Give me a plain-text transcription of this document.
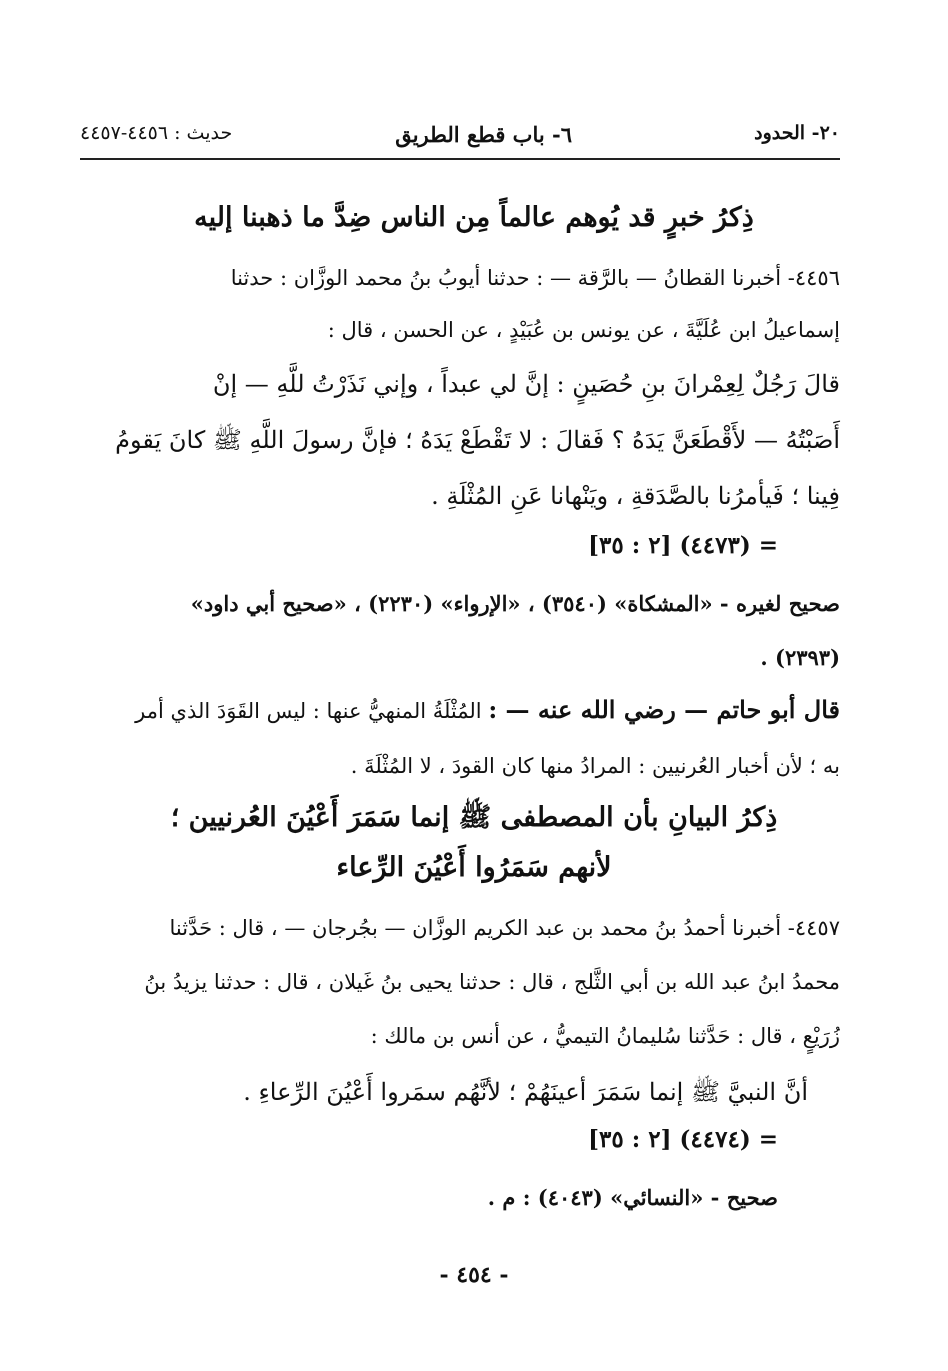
٢٠- الحدود
٦- باب قطع الطريق
حديث : ٤٤٥٦-٤٤٥٧
ذِكرُ خبرٍ قد يُوهم عالماً مِن الناس ضِدَّ ما ذهبنا إليه
٤٤٥٦- أخبرنا القطانُ — بالرَّقة — : حدثنا أيوبُ بنُ محمد الوزَّان : حدثنا
إسماعيلُ ابن عُلَيَّةَ ، عن يونس بن عُبَيْدٍ ، عن الحسن ، قال :
قالَ رَجُلٌ لِعِمْرانَ بنِ حُصَينٍ : إنَّ لي عبداً ، وإني نَذَرْتُ للَّهِ — إنْ
أَصَبْتُهُ — لأَقْطَعَنَّ يَدَهُ ؟ فَقالَ : لا تَقْطَعْ يَدَهُ ؛ فإنَّ رسولَ اللَّهِ ﷺ كانَ يَقومُ
فِينا ؛ فَيأمرُنا بالصَّدَقةِ ، ويَنْهانا عَنِ المُثْلَةِ .
= (٤٤٧٣) [٢ : ٣٥]
صحيح لغيره - «المشكاة» (٣٥٤٠) ، «الإرواء» (٢٢٣٠) ، «صحيح أبي داود»
(٢٣٩٣) .
قال أبو حاتم — رضي الله عنه — : المُثْلَةُ المنهيُّ عنها : ليس القَوَدَ الذي أمر
به ؛ لأن أخبار العُرنيين : المرادُ منها كان القودَ ، لا المُثْلَةَ .
ذِكرُ البيانِ بأن المصطفى ﷺ إنما سَمَرَ أَعْيُنَ العُرنيين ؛
لأنهم سَمَرُوا أَعْيُنَ الرِّعاء
٤٤٥٧- أخبرنا أحمدُ بنُ محمد بن عبد الكريم الوزَّان — بجُرجان — ، قال : حَدَّثنا
محمدُ ابنُ عبد الله بن أبي الثَّلج ، قال : حدثنا يحيى بنُ غَيلان ، قال : حدثنا يزيدُ بنُ
زُرَيْعٍ ، قال : حَدَّثنا سُليمانُ التيميُّ ، عن أنس بن مالك :
أنَّ النبيَّ ﷺ إنما سَمَرَ أعينَهُمْ ؛ لأنَّهُم سمَروا أَعْيُنَ الرِّعاءِ .
= (٤٤٧٤) [٢ : ٣٥]
صحيح - «النسائي» (٤٠٤٣) : م .
- ٤٥٤ -
